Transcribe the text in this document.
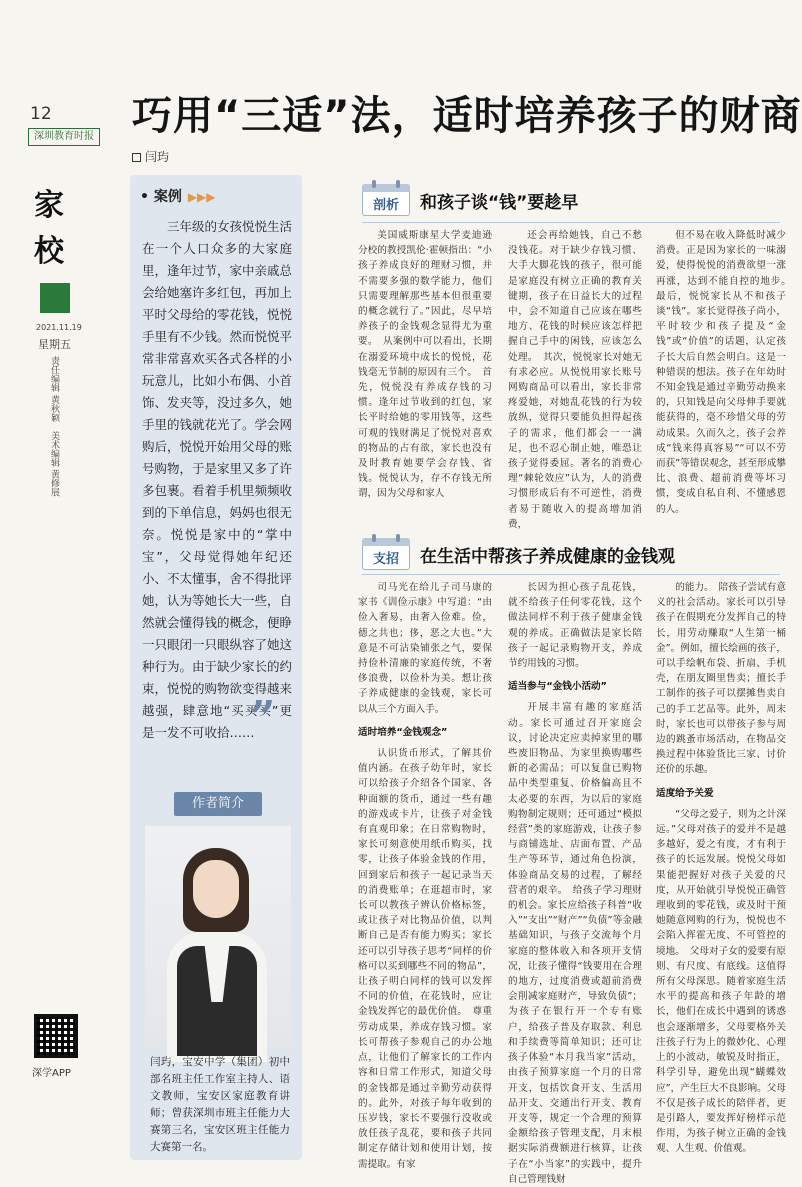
12
深圳教育时报
家
校
2021.11.19
星期五
责任编辑 黄秋颖　美术编辑 黄修展
深学APP
巧用“三适”法，适时培养孩子的财商
闫玙
• 案例 ▶▶▶
三年级的女孩悦悦生活在一个人口众多的大家庭里，逢年过节，家中亲戚总会给她塞许多红包，再加上平时父母给的零花钱，悦悦手里有不少钱。然而悦悦平常非常喜欢买各式各样的小玩意儿，比如小布偶、小首饰、发夹等，没过多久，她手里的钱就花光了。学会网购后，悦悦开始用父母的账号购物，于是家里又多了许多包裹。看着手机里频频收到的下单信息，妈妈也很无奈。悦悦是家中的“掌中宝”，父母觉得她年纪还小、不太懂事，舍不得批评她，认为等她长大一些，自然就会懂得钱的概念，便睁一只眼闭一只眼纵容了她这种行为。由于缺少家长的约束，悦悦的购物欲变得越来越强，肆意地“买买买”更是一发不可收拾……
”
作者简介
闫玙，宝安中学（集团）初中部名班主任工作室主持人、语文教师，宝安区家庭教育讲师；曾获深圳市班主任能力大赛第三名，宝安区班主任能力大赛第一名。
剖析	和孩子谈“钱”要趁早

美国威斯康星大学麦迪逊分校的教授凯伦·霍顿指出：“小孩子养成良好的理财习惯，并不需要多强的数学能力，他们只需要理解那些基本但很重要的概念就行了。”因此，尽早培养孩子的金钱观念显得尤为重要。　从案例中可以看出，长期在溺爱环境中成长的悦悦，花钱毫无节制的原因有三个。　首先，悦悦没有养成存钱的习惯。逢年过节收到的红包，家长平时给她的零用钱等，这些可观的钱财满足了悦悦对喜欢的物品的占有欲，家长也没有及时教育她要学会存钱、省钱。悦悦认为，存不存钱无所谓，因为父母和家人

还会再给她钱，自己不愁没钱花。对于缺少存钱习惯、大手大脚花钱的孩子，很可能是家庭没有树立正确的教育关键期，孩子在日益长大的过程中，会不知道自己应该在哪些地方、花钱的时候应该怎样把握自己手中的闲钱，应该怎么处理。　其次，悦悦家长对她无有求必应。从悦悦用家长账号网购商品可以看出，家长非常疼爱她，对她乱花钱的行为较放纵，觉得只要能负担得起孩子的需求，他们都会一一满足，也不忍心制止她，唯恐让孩子觉得委屈。著名的消费心理“棘轮效应”认为，人的消费习惯形成后有不可逆性，消费者易于随收入的提高增加消费，

但不易在收入降低时减少消费。正是因为家长的一味溺爱，使得悦悦的消费欲望一涨再涨，达到不能自控的地步。　最后，悦悦家长从不和孩子谈“钱”。家长觉得孩子尚小，平时较少和孩子提及“金钱”或“价值”的话题，认定孩子长大后自然会明白。这是一种错误的想法。孩子在年幼时不知金钱是通过辛勤劳动换来的，只知钱是向父母伸手要就能获得的，毫不珍惜父母的劳动成果。久而久之，孩子会养成“钱来得真容易”“可以不劳而获”等错误观念，甚至形成攀比、浪费、超前消费等坏习惯，变成自私自利、不懂感恩的人。

支招	在生活中帮孩子养成健康的金钱观

司马光在给儿子司马康的家书《训俭示康》中写道：“由俭入奢易，由奢入俭难。俭，德之共也；侈，恶之大也。”大意是不可沾染铺张之气，要保持俭朴清廉的家庭传统，不奢侈浪费，以俭朴为美。想让孩子养成健康的金钱观，家长可以从三个方面入手。

适时培养“金钱观念”

认识货币形式，了解其价值内涵。在孩子幼年时，家长可以给孩子介绍各个国家、各种面额的货币，通过一些有趣的游戏或卡片，让孩子对金钱有直观印象；在日常购物时，家长可刻意使用纸币购买，找零，让孩子体验金钱的作用，回到家后和孩子一起记录当天的消费账单；在逛超市时，家长可以教孩子辨认价格标签，或让孩子对比物品价值，以判断自己是否有能力购买；家长还可以引导孩子思考“同样的价格可以买到哪些不同的物品”，让孩子明白同样的钱可以发挥不同的价值，在花钱时，应让金钱发挥它的最优价值。　尊重劳动成果，养成存钱习惯。家长可帮孩子参观自己的办公地点，让他们了解家长的工作内容和日常工作形式，知道父母的金钱都是通过辛勤劳动获得的。此外，对孩子每年收到的压岁钱，家长不要强行没收或放任孩子乱花，要和孩子共同制定存储计划和使用计划，按需提取。有家

长因为担心孩子乱花钱，就不给孩子任何零花钱，这个做法同样不利于孩子健康金钱观的养成。正确做法是家长陪孩子一起记录购物开支，养成节约用钱的习惯。

适当参与“金钱小活动”

开展丰富有趣的家庭活动。家长可通过召开家庭会议，讨论决定应卖掉家里的哪些废旧物品、为家里换购哪些新的必需品；可以复盘已购物品中类型重复、价格偏高且不太必要的东西，为以后的家庭购物制定规则；还可通过“模拟经营”类的家庭游戏，让孩子参与商铺选址、店面布置、产品生产等环节，通过角色扮演，体验商品交易的过程，了解经营者的艰辛。　给孩子学习理财的机会。家长应给孩子科普“收入”“支出”“财产”“负债”等金融基础知识，与孩子交流每个月家庭的整体收入和各项开支情况，让孩子懂得“钱要用在合理的地方，过度消费或超前消费会削减家庭财产，导致负债”；为孩子在银行开一个专有账户，给孩子普及存取款、利息和手续费等简单知识；还可让孩子体验“本月我当家”活动，由孩子预算家庭一个月的日常开支，包括饮食开支、生活用品开支、交通出行开支、教育开支等，规定一个合理的预算金额给孩子管理支配，月末根据实际消费额进行核算，让孩子在“小当家”的实践中，提升自己管理钱财

的能力。　陪孩子尝试有意义的社会活动。家长可以引导孩子在假期充分发挥自己的特长，用劳动赚取“人生第一桶金”。例如，擅长绘画的孩子，可以手绘帆布袋、折扇、手机壳，在朋友圈里售卖；擅长手工制作的孩子可以摆摊售卖自己的手工艺品等。此外，周末时，家长也可以带孩子参与周边的跳蚤市场活动，在物品交换过程中体验货比三家、讨价还价的乐趣。

适度给予关爱

“父母之爱子，则为之计深远。”父母对孩子的爱并不是越多越好，爱之有度，才有利于孩子的长远发展。悦悦父母如果能把握好对孩子关爱的尺度，从开始就引导悦悦正确管理收到的零花钱，或及时干预她随意网购的行为，悦悦也不会陷入挥霍无度、不可管控的境地。　父母对子女的爱要有原则、有尺度、有底线。这值得所有父母深思。随着家庭生活水平的提高和孩子年龄的增长，他们在成长中遇到的诱惑也会逐渐增多，父母要格外关注孩子行为上的微妙化、心理上的小波动，敏锐及时指正，科学引导，避免出现“蝴蝶效应”，产生巨大不良影响。父母不仅是孩子成长的陪伴者，更是引路人，要发挥好榜样示范作用，为孩子树立正确的金钱观、人生观、价值观。
